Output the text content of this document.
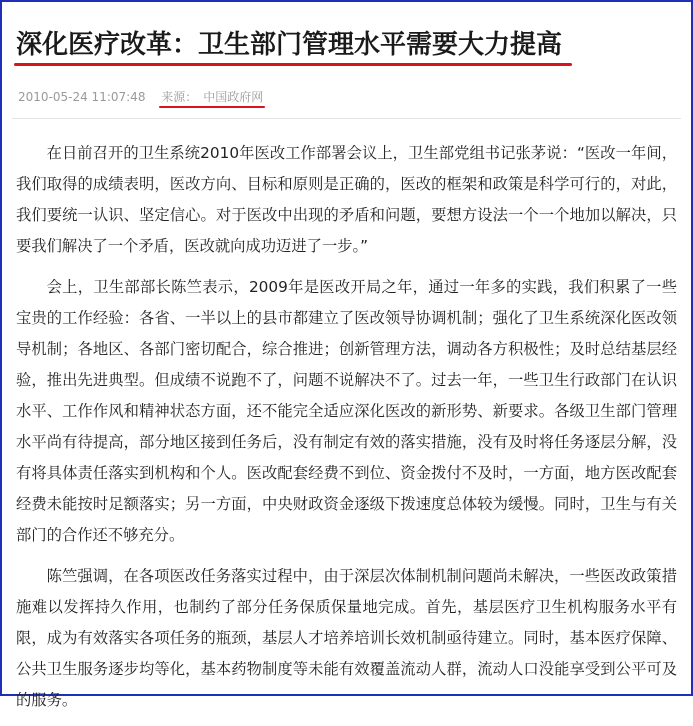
深化医疗改革：卫生部门管理水平需要大力提高
2010-05-24 11:07:48 来源： 中国政府网

在日前召开的卫生系统2010年医改工作部署会议上，卫生部党组书记张茅说：“医改一年间，我们取得的成绩表明，医改方向、目标和原则是正确的，医改的框架和政策是科学可行的，对此，我们要统一认识、坚定信心。对于医改中出现的矛盾和问题，要想方设法一个一个地加以解决，只要我们解决了一个矛盾，医改就向成功迈进了一步。”

会上，卫生部部长陈竺表示，2009年是医改开局之年，通过一年多的实践，我们积累了一些宝贵的工作经验：各省、一半以上的县市都建立了医改领导协调机制；强化了卫生系统深化医改领导机制；各地区、各部门密切配合，综合推进；创新管理方法，调动各方积极性；及时总结基层经验，推出先进典型。但成绩不说跑不了，问题不说解决不了。过去一年，一些卫生行政部门在认识水平、工作作风和精神状态方面，还不能完全适应深化医改的新形势、新要求。各级卫生部门管理水平尚有待提高，部分地区接到任务后，没有制定有效的落实措施，没有及时将任务逐层分解，没有将具体责任落实到机构和个人。医改配套经费不到位、资金拨付不及时，一方面，地方医改配套经费未能按时足额落实；另一方面，中央财政资金逐级下拨速度总体较为缓慢。同时，卫生与有关部门的合作还不够充分。

陈竺强调，在各项医改任务落实过程中，由于深层次体制机制问题尚未解决，一些医改政策措施难以发挥持久作用，也制约了部分任务保质保量地完成。首先，基层医疗卫生机构服务水平有限，成为有效落实各项任务的瓶颈，基层人才培养培训长效机制亟待建立。同时，基本医疗保障、公共卫生服务逐步均等化，基本药物制度等未能有效覆盖流动人群，流动人口没能享受到公平可及的服务。
